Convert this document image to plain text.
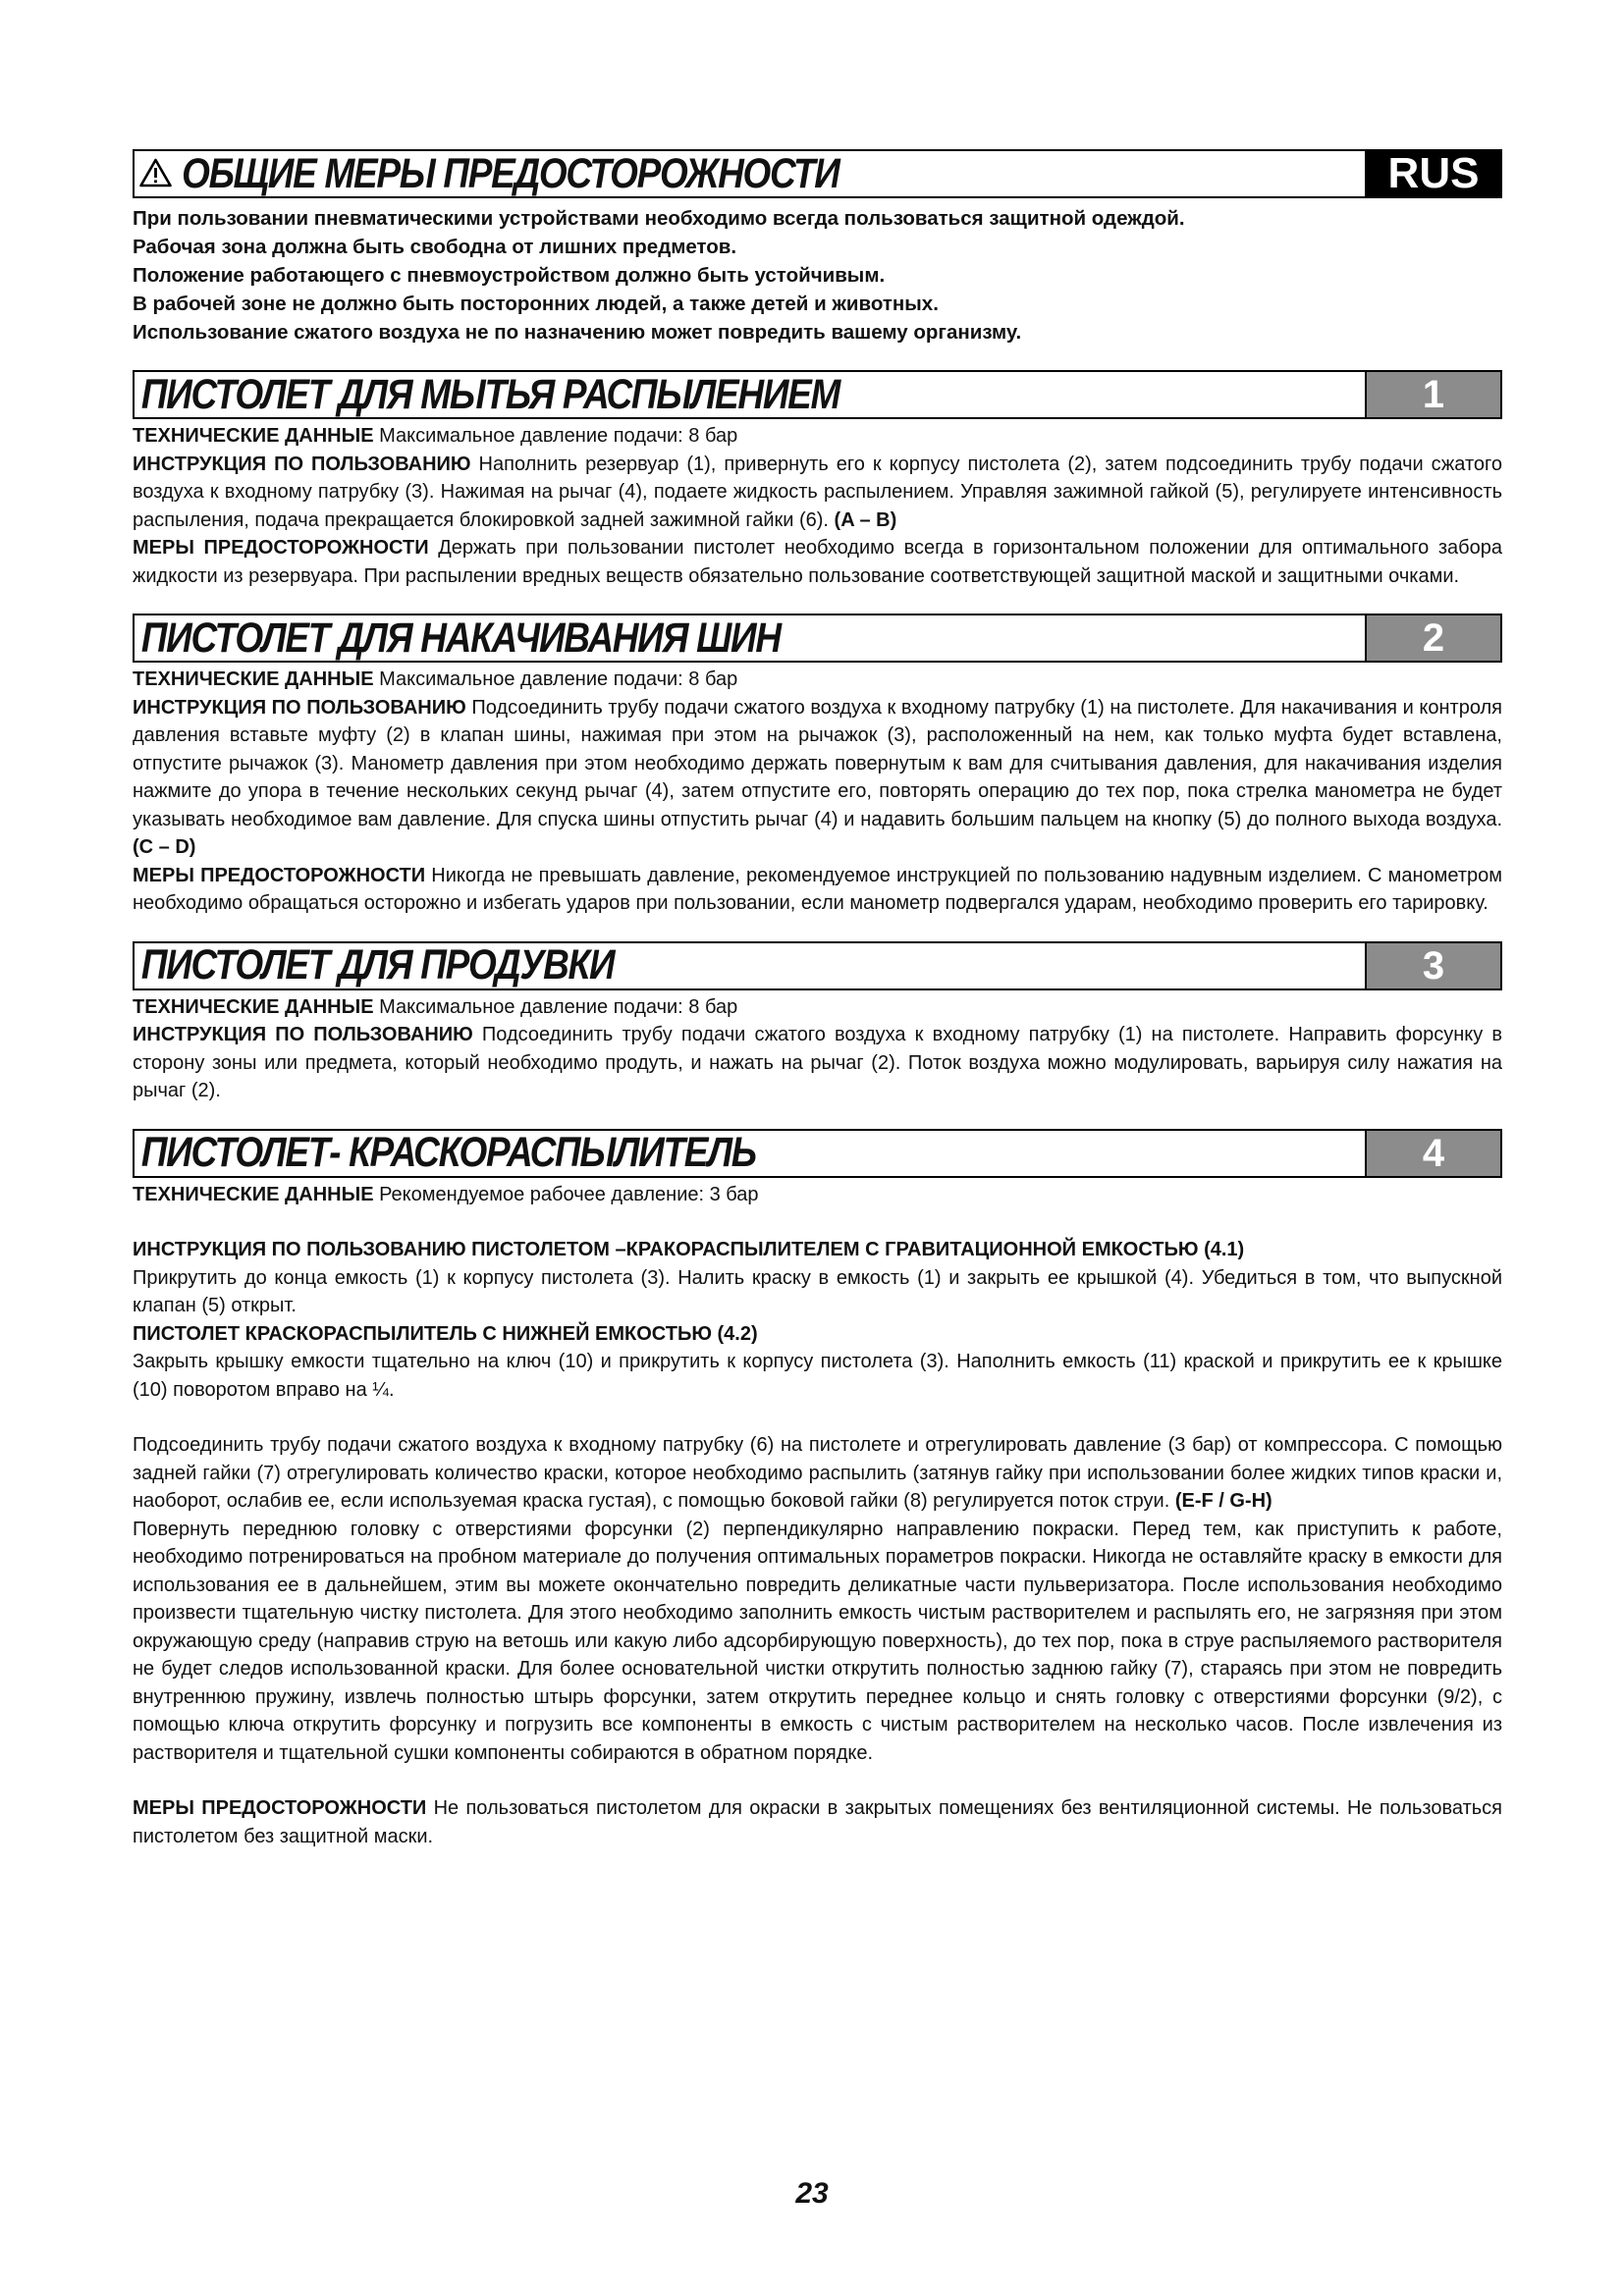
ОБЩИЕ МЕРЫ ПРЕДОСТОРОЖНОСТИ	RUS

При пользовании пневматическими устройствами необходимо всегда пользоваться защитной одеждой.

Рабочая зона должна быть свободна от лишних предметов.

Положение работающего с пневмоустройством должно быть устойчивым.

В рабочей зоне не должно быть посторонних людей, а также детей и животных.

Использование сжатого воздуха не по назначению может повредить вашему организму.

ПИСТОЛЕТ ДЛЯ МЫТЬЯ РАСПЫЛЕНИЕМ	1

ТЕХНИЧЕСКИЕ ДАННЫЕ Максимальное давление подачи: 8 бар

ИНСТРУКЦИЯ ПО ПОЛЬЗОВАНИЮ Наполнить резервуар (1), привернуть его к корпусу пистолета (2), затем подсоединить трубу подачи сжатого воздуха к входному патрубку (3). Нажимая на рычаг (4), подаете жидкость распылением. Управляя зажимной гайкой (5), регулируете интенсивность распыления, подача прекращается блокировкой задней зажимной гайки (6). (A – B)

МЕРЫ ПРЕДОСТОРОЖНОСТИ Держать при пользовании пистолет необходимо всегда в горизонтальном положении для оптимального забора жидкости из резервуара. При распылении вредных веществ обязательно пользование соответствующей защитной маской и защитными очками.

ПИСТОЛЕТ ДЛЯ НАКАЧИВАНИЯ ШИН	2

ТЕХНИЧЕСКИЕ ДАННЫЕ Максимальное давление подачи: 8 бар

ИНСТРУКЦИЯ ПО ПОЛЬЗОВАНИЮ Подсоединить трубу подачи сжатого воздуха к входному патрубку (1) на пистолете. Для накачивания и контроля давления вставьте муфту (2) в клапан шины, нажимая при этом на рычажок (3), расположенный на нем, как только муфта будет вставлена, отпустите рычажок (3). Манометр давления при этом необходимо держать повернутым к вам для считывания давления, для накачивания изделия нажмите до упора в течение нескольких секунд рычаг (4), затем отпустите его, повторять операцию до тех пор, пока стрелка манометра не будет указывать необходимое вам давление. Для спуска шины отпустить рычаг (4) и надавить большим пальцем на кнопку (5) до полного выхода воздуха. (C – D)

МЕРЫ ПРЕДОСТОРОЖНОСТИ Никогда не превышать давление, рекомендуемое инструкцией по пользованию надувным изделием. С манометром необходимо обращаться осторожно и избегать ударов при пользовании, если манометр подвергался ударам, необходимо проверить его тарировку.

ПИСТОЛЕТ ДЛЯ ПРОДУВКИ	3

ТЕХНИЧЕСКИЕ ДАННЫЕ Максимальное давление подачи: 8 бар

ИНСТРУКЦИЯ ПО ПОЛЬЗОВАНИЮ Подсоединить трубу подачи сжатого воздуха к входному патрубку (1) на пистолете. Направить форсунку в сторону зоны или предмета, который необходимо продуть, и нажать на рычаг (2). Поток воздуха можно модулировать, варьируя силу нажатия на рычаг (2).

ПИСТОЛЕТ- КРАСКОРАСПЫЛИТЕЛЬ	4

ТЕХНИЧЕСКИЕ ДАННЫЕ Рекомендуемое рабочее давление: 3 бар

ИНСТРУКЦИЯ ПО ПОЛЬЗОВАНИЮ ПИСТОЛЕТОМ –КРАКОРАСПЫЛИТЕЛЕМ С ГРАВИТАЦИОННОЙ ЕМКОСТЬЮ (4.1)

Прикрутить до конца емкость (1) к корпусу пистолета (3). Налить краску в емкость (1) и закрыть ее крышкой (4). Убедиться в том, что выпускной клапан (5) открыт.

ПИСТОЛЕТ КРАСКОРАСПЫЛИТЕЛЬ С НИЖНЕЙ ЕМКОСТЬЮ (4.2)

Закрыть крышку емкости тщательно на ключ (10) и прикрутить к корпусу пистолета (3). Наполнить емкость (11) краской и прикрутить ее к крышке (10) поворотом вправо на ¼.

Подсоединить трубу подачи сжатого воздуха к входному патрубку (6) на пистолете и отрегулировать давление (3 бар) от компрессора. С помощью задней гайки (7) отрегулировать количество краски, которое необходимо распылить (затянув гайку при использовании более жидких типов краски и, наоборот, ослабив ее, если используемая краска густая), с помощью боковой гайки (8) регулируется поток струи. (E-F / G-H)

Повернуть переднюю головку с отверстиями форсунки (2) перпендикулярно направлению покраски. Перед тем, как приступить к работе, необходимо потренироваться на пробном материале до получения оптимальных пораметров покраски. Никогда не оставляйте краску в емкости для использования ее в дальнейшем, этим вы можете окончательно повредить деликатные части пульверизатора. После использования необходимо произвести тщательную чистку пистолета. Для этого необходимо заполнить емкость чистым растворителем и распылять его, не загрязняя при этом окружающую среду (направив струю на ветошь или какую либо адсорбирующую поверхность), до тех пор, пока в струе распыляемого растворителя не будет следов использованной краски. Для более основательной чистки открутить полностью заднюю гайку (7), стараясь при этом не повредить внутреннюю пружину, извлечь полностью штырь форсунки, затем открутить переднее кольцо и снять головку с отверстиями форсунки (9/2), с помощью ключа открутить форсунку и погрузить все компоненты в емкость с чистым растворителем на несколько часов. После извлечения из растворителя и тщательной сушки компоненты собираются в обратном порядке.

МЕРЫ ПРЕДОСТОРОЖНОСТИ Не пользоваться пистолетом для окраски в закрытых помещениях без вентиляционной системы. Не пользоваться пистолетом без защитной маски.

23
